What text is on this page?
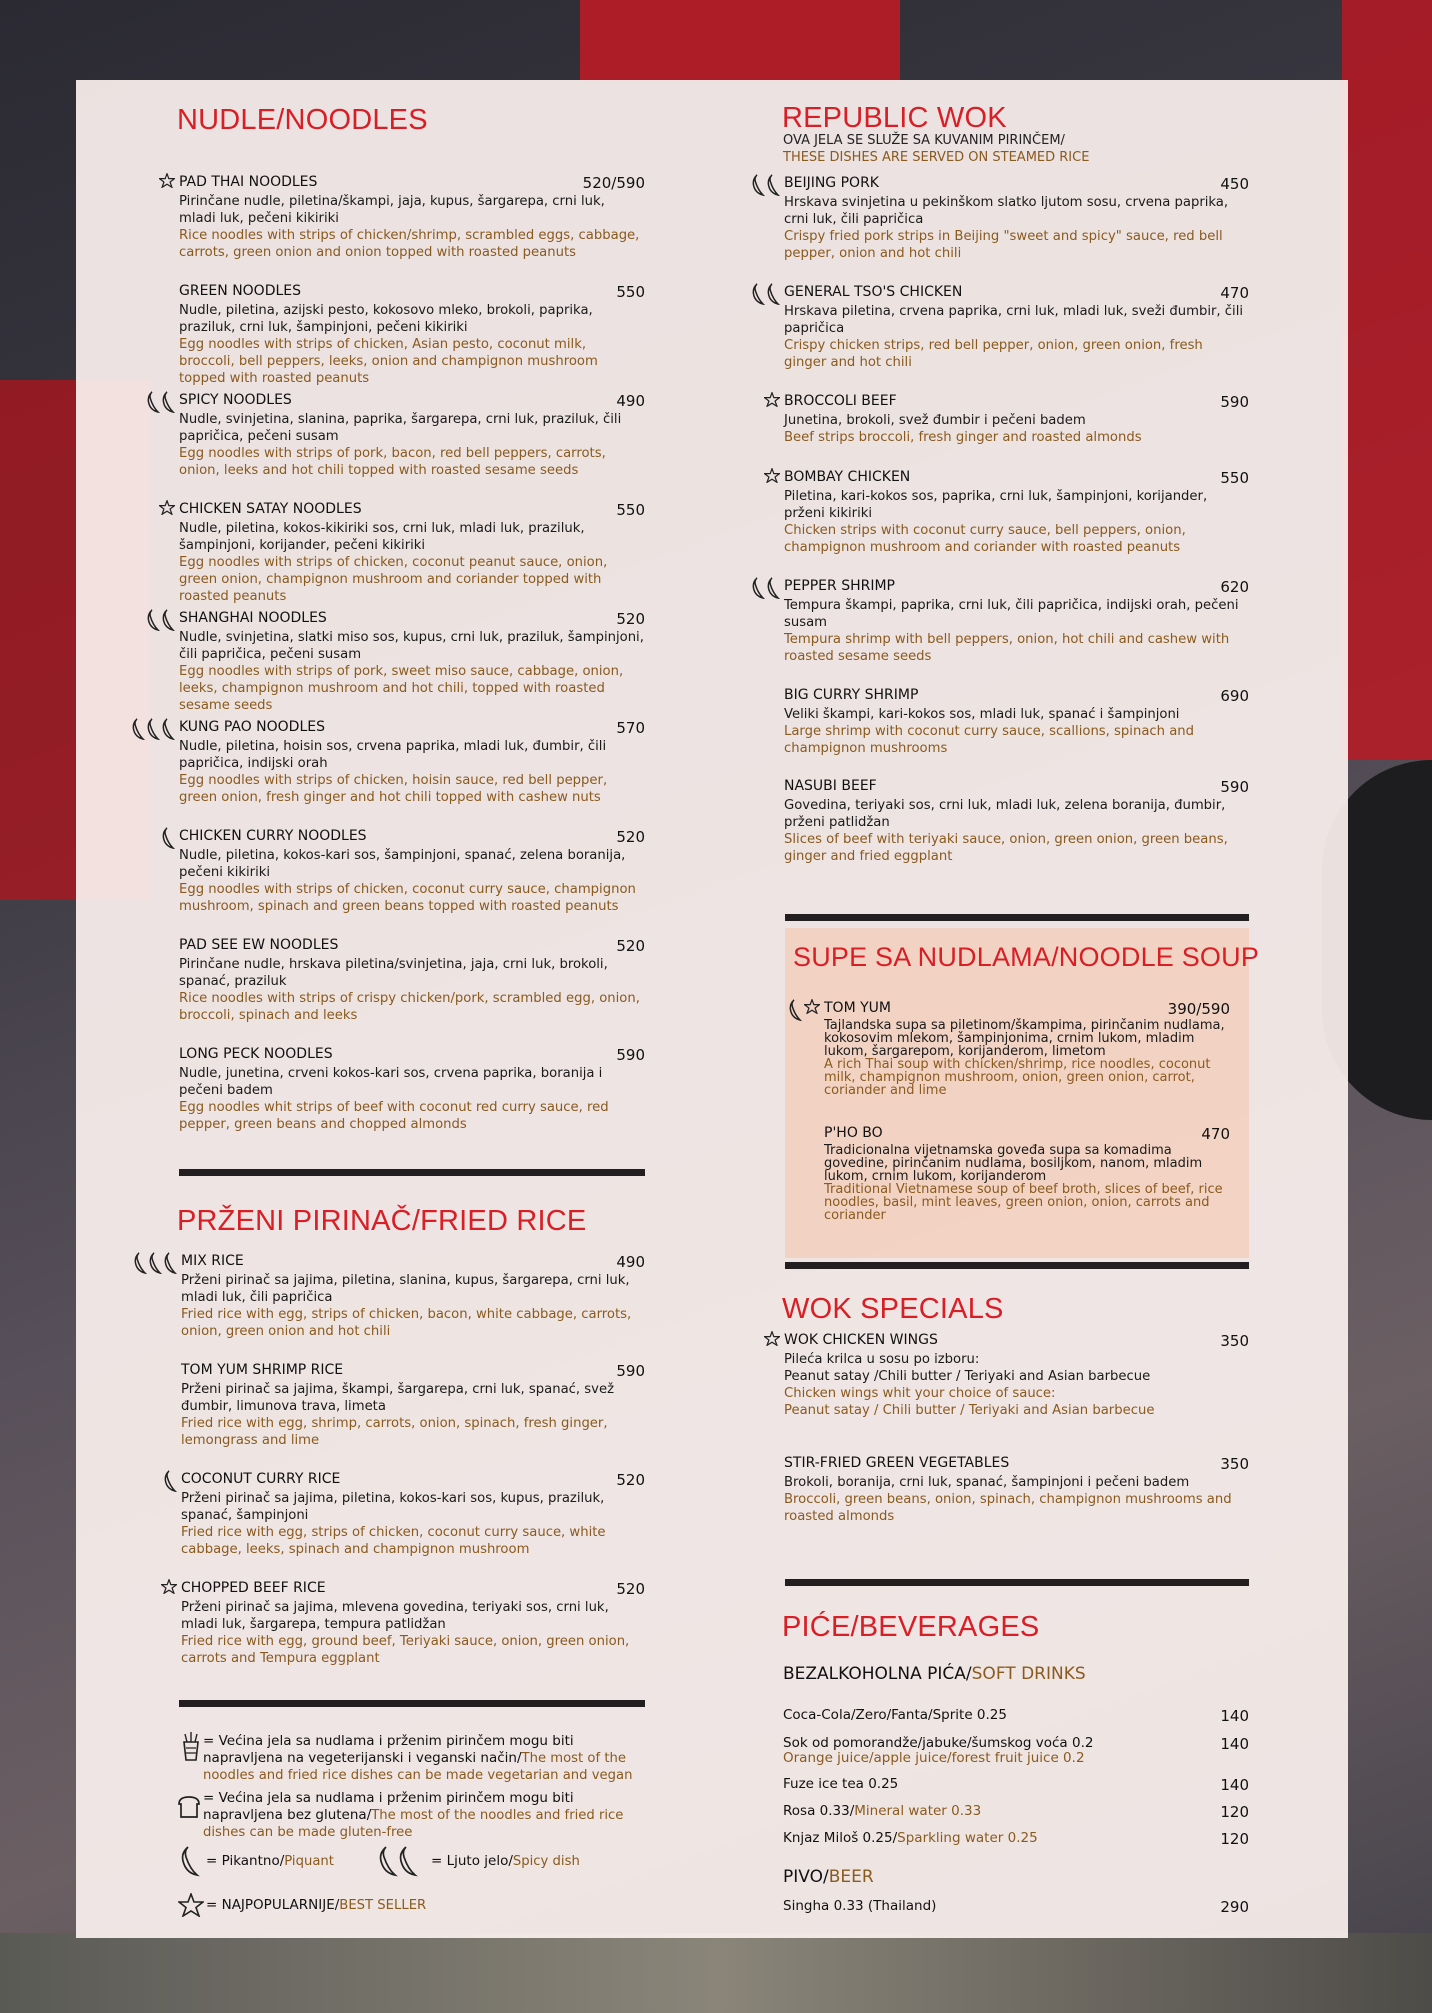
NUDLE/NOODLES
PAD THAI NOODLES	520/590
Pirinčane nudle, piletina/škampi, jaja, kupus, šargarepa, crni luk, mladi luk, pečeni kikiriki
Rice noodles with strips of chicken/shrimp, scrambled eggs, cabbage, carrots, green onion and onion topped with roasted peanuts
GREEN NOODLES	550
Nudle, piletina, azijski pesto, kokosovo mleko, brokoli, paprika, praziluk, crni luk, šampinjoni, pečeni kikiriki
Egg noodles with strips of chicken, Asian pesto, coconut milk, broccoli, bell peppers, leeks, onion and champignon mushroom topped with roasted peanuts
SPICY NOODLES	490
Nudle, svinjetina, slanina, paprika, šargarepa, crni luk, praziluk, čili papričica, pečeni susam
Egg noodles with strips of pork, bacon, red bell peppers, carrots, onion, leeks and hot chili topped with roasted sesame seeds
CHICKEN SATAY NOODLES	550
Nudle, piletina, kokos-kikiriki sos, crni luk, mladi luk, praziluk, šampinjoni, korijander, pečeni kikiriki
Egg noodles with strips of chicken, coconut peanut sauce, onion, green onion, champignon mushroom and coriander topped with roasted peanuts
SHANGHAI NOODLES	520
Nudle, svinjetina, slatki miso sos, kupus, crni luk, praziluk, šampinjoni, čili papričica, pečeni susam
Egg noodles with strips of pork, sweet miso sauce, cabbage, onion, leeks, champignon mushroom and hot chili, topped with roasted sesame seeds
KUNG PAO NOODLES	570
Nudle, piletina, hoisin sos, crvena paprika, mladi luk, đumbir, čili papričica, indijski orah
Egg noodles with strips of chicken, hoisin sauce, red bell pepper, green onion, fresh ginger and hot chili topped with cashew nuts
CHICKEN CURRY NOODLES	520
Nudle, piletina, kokos-kari sos, šampinjoni, spanać, zelena boranija, pečeni kikiriki
Egg noodles with strips of chicken, coconut curry sauce, champignon mushroom, spinach and green beans topped with roasted peanuts
PAD SEE EW NOODLES	520
Pirinčane nudle, hrskava piletina/svinjetina, jaja, crni luk, brokoli, spanać, praziluk
Rice noodles with strips of crispy chicken/pork, scrambled egg, onion, broccoli, spinach and leeks
LONG PECK NOODLES	590
Nudle, junetina, crveni kokos-kari sos, crvena paprika, boranija i pečeni badem
Egg noodles whit strips of beef with coconut red curry sauce, red pepper, green beans and chopped almonds
PRŽENI PIRINAČ/FRIED RICE
MIX RICE	490
Prženi pirinač sa jajima, piletina, slanina, kupus, šargarepa, crni luk, mladi luk, čili papričica
Fried rice with egg, strips of chicken, bacon, white cabbage, carrots, onion, green onion and hot chili
TOM YUM SHRIMP RICE	590
Prženi pirinač sa jajima, škampi, šargarepa, crni luk, spanać, svež đumbir, limunova trava, limeta
Fried rice with egg, shrimp, carrots, onion, spinach, fresh ginger, lemongrass and lime
COCONUT CURRY RICE	520
Prženi pirinač sa jajima, piletina, kokos-kari sos, kupus, praziluk, spanać, šampinjoni
Fried rice with egg, strips of chicken, coconut curry sauce, white cabbage, leeks, spinach and champignon mushroom
CHOPPED BEEF RICE	520
Prženi pirinač sa jajima, mlevena govedina, teriyaki sos, crni luk, mladi luk, šargarepa, tempura patlidžan
Fried rice with egg, ground beef, Teriyaki sauce, onion, green onion, carrots and Tempura eggplant
= Većina jela sa nudlama i prženim pirinčem mogu biti napravljena na vegeterijanski i veganski način/The most of the noodles and fried rice dishes can be made vegetarian and vegan
= Većina jela sa nudlama i prženim pirinčem mogu biti napravljena bez glutena/The most of the noodles and fried rice dishes can be made gluten-free
= Pikantno/Piquant	= Ljuto jelo/Spicy dish
= NAJPOPULARNIJE/BEST SELLER
REPUBLIC WOK
OVA JELA SE SLUŽE SA KUVANIM PIRINČEM/
THESE DISHES ARE SERVED ON STEAMED RICE
BEIJING PORK	450
Hrskava svinjetina u pekinškom slatko ljutom sosu, crvena paprika, crni luk, čili papričica
Crispy fried pork strips in Beijing "sweet and spicy" sauce, red bell pepper, onion and hot chili
GENERAL TSO'S CHICKEN	470
Hrskava piletina, crvena paprika, crni luk, mladi luk, sveži đumbir, čili papričica
Crispy chicken strips, red bell pepper, onion, green onion, fresh ginger and hot chili
BROCCOLI BEEF	590
Junetina, brokoli, svež đumbir i pečeni badem
Beef strips broccoli, fresh ginger and roasted almonds
BOMBAY CHICKEN	550
Piletina, kari-kokos sos, paprika, crni luk, šampinjoni, korijander, prženi kikiriki
Chicken strips with coconut curry sauce, bell peppers, onion, champignon mushroom and coriander with roasted peanuts
PEPPER SHRIMP	620
Tempura škampi, paprika, crni luk, čili papričica, indijski orah, pečeni susam
Tempura shrimp with bell peppers, onion, hot chili and cashew with roasted sesame seeds
BIG CURRY SHRIMP	690
Veliki škampi, kari-kokos sos, mladi luk, spanać i šampinjoni
Large shrimp with coconut curry sauce, scallions, spinach and champignon mushrooms
NASUBI BEEF	590
Govedina, teriyaki sos, crni luk, mladi luk, zelena boranija, đumbir, prženi patlidžan
Slices of beef with teriyaki sauce, onion, green onion, green beans, ginger and fried eggplant
SUPE SA NUDLAMA/NOODLE SOUP
TOM YUM	390/590
Tajlandska supa sa piletinom/škampima, pirinčanim nudlama, kokosovim mlekom, šampinjonima, crnim lukom, mladim lukom, šargarepom, korijanderom, limetom
A rich Thai soup with chicken/shrimp, rice noodles, coconut milk, champignon mushroom, onion, green onion, carrot, coriander and lime
P'HO BO	470
Tradicionalna vijetnamska goveđa supa sa komadima govedine, pirinčanim nudlama, bosiljkom, nanom, mladim lukom, crnim lukom, korijanderom
Traditional Vietnamese soup of beef broth, slices of beef, rice noodles, basil, mint leaves, green onion, onion, carrots and coriander
WOK SPECIALS
WOK CHICKEN WINGS	350
Pileća krilca u sosu po izboru:
Peanut satay /Chili butter / Teriyaki and Asian barbecue
Chicken wings whit your choice of sauce:
Peanut satay / Chili butter / Teriyaki and Asian barbecue
STIR-FRIED GREEN VEGETABLES	350
Brokoli, boranija, crni luk, spanać, šampinjoni i pečeni badem
Broccoli, green beans, onion, spinach, champignon mushrooms and roasted almonds
PIĆE/BEVERAGES
BEZALKOHOLNA PIĆA/SOFT DRINKS
Coca-Cola/Zero/Fanta/Sprite 0.25	140
Sok od pomorandže/jabuke/šumskog voća 0.2
Orange juice/apple juice/forest fruit juice 0.2
140
Fuze ice tea 0.25	140
Rosa 0.33/Mineral water 0.33	120
Knjaz Miloš 0.25/Sparkling water 0.25	120
PIVO/BEER
Singha 0.33 (Thailand)	290
